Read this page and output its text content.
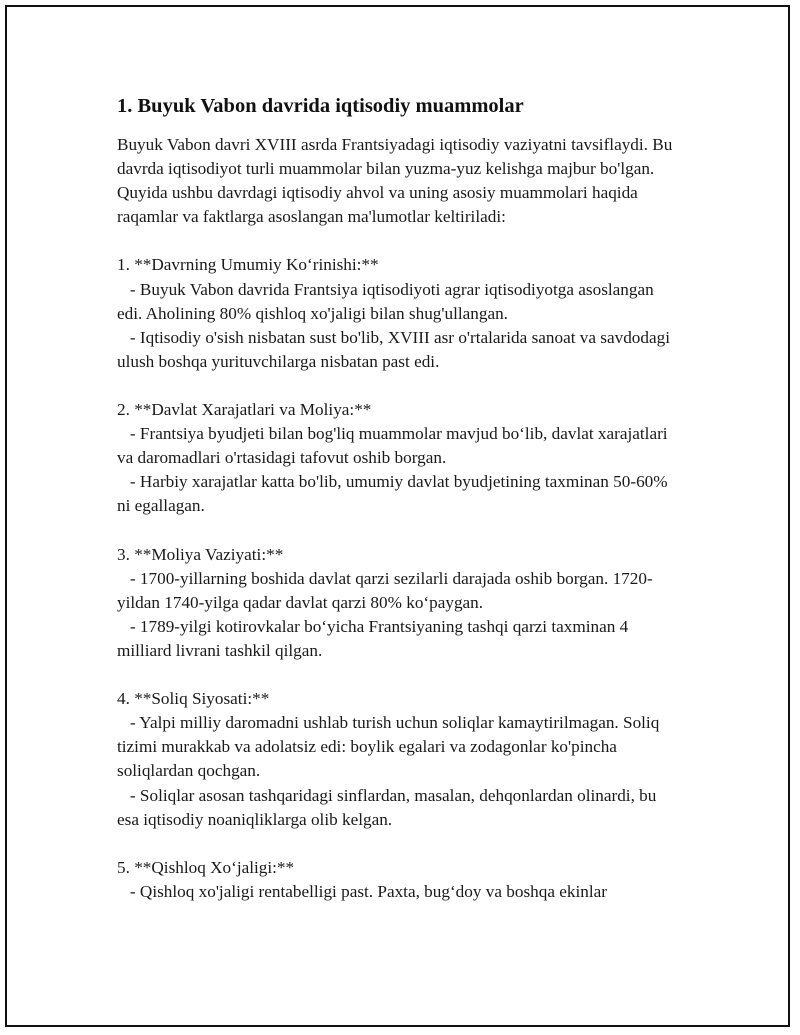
1. Buyuk Vabon davrida iqtisodiy muammolar

Buyuk Vabon davri XVIII asrda Frantsiyadagi iqtisodiy vaziyatni tavsiflaydi. Bu davrda iqtisodiyot turli muammolar bilan yuzma-yuz kelishga majbur bo'lgan. Quyida ushbu davrdagi iqtisodiy ahvol va uning asosiy muammolari haqida raqamlar va faktlarga asoslangan ma'lumotlar keltiriladi:

1. **Davrning Umumiy Ko‘rinishi:**

- Buyuk Vabon davrida Frantsiya iqtisodiyoti agrar iqtisodiyotga asoslangan edi. Aholining 80% qishloq xo'jaligi bilan shug'ullangan.

- Iqtisodiy o'sish nisbatan sust bo'lib, XVIII asr o'rtalarida sanoat va savdodagi ulush boshqa yurituvchilarga nisbatan past edi.

2. **Davlat Xarajatlari va Moliya:**

- Frantsiya byudjeti bilan bog'liq muammolar mavjud bo‘lib, davlat xarajatlari va daromadlari o'rtasidagi tafovut oshib borgan.

- Harbiy xarajatlar katta bo'lib, umumiy davlat byudjetining taxminan 50-60% ni egallagan.

3. **Moliya Vaziyati:**

- 1700-yillarning boshida davlat qarzi sezilarli darajada oshib borgan. 1720-yildan 1740-yilga qadar davlat qarzi 80% ko‘paygan.

- 1789-yilgi kotirovkalar bo‘yicha Frantsiyaning tashqi qarzi taxminan 4 milliard livrani tashkil qilgan.

4. **Soliq Siyosati:**

- Yalpi milliy daromadni ushlab turish uchun soliqlar kamaytirilmagan. Soliq tizimi murakkab va adolatsiz edi: boylik egalari va zodagonlar ko'pincha soliqlardan qochgan.

- Soliqlar asosan tashqaridagi sinflardan, masalan, dehqonlardan olinardi, bu esa iqtisodiy noaniqliklarga olib kelgan.

5. **Qishloq Xo‘jaligi:**

- Qishloq xo'jaligi rentabelligi past. Paxta, bug‘doy va boshqa ekinlar
